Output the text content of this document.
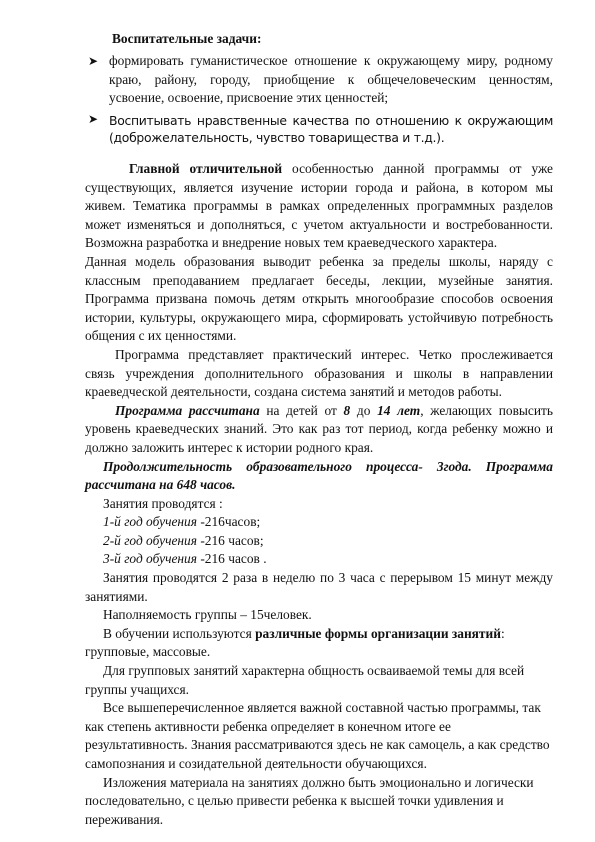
Воспитательные задачи:
➤ формировать гуманистическое отношение к окружающему миру, родному краю, району, городу, приобщение к общечеловеческим ценностям, усвоение, освоение, присвоение этих ценностей;
➤ Воспитывать нравственные качества по отношению к окружающим (доброжелательность, чувство товарищества и т.д.).

Главной отличительной особенностью данной программы от уже существующих, является изучение истории города и района, в котором мы живем. Тематика программы в рамках определенных программных разделов может изменяться и дополняться, с учетом актуальности и востребованности. Возможна разработка и внедрение новых тем краеведческого характера.

Данная модель образования выводит ребенка за пределы школы, наряду с классным преподаванием предлагает беседы, лекции, музейные занятия. Программа призвана помочь детям открыть многообразие способов освоения истории, культуры, окружающего мира, сформировать устойчивую потребность общения с их ценностями.

Программа представляет практический интерес. Четко прослеживается связь учреждения дополнительного образования и школы в направлении краеведческой деятельности, создана система занятий и методов работы.

Программа рассчитана на детей от 8 до 14 лет, желающих повысить уровень краеведческих знаний. Это как раз тот период, когда ребенку можно и должно заложить интерес к истории родного края.

Продолжительность образовательного процесса- 3года. Программа рассчитана на 648 часов.

Занятия проводятся :

1-й год обучения -216часов;

2-й год обучения -216 часов;

3-й год обучения -216 часов .

Занятия проводятся 2 раза в неделю по 3 часа с перерывом 15 минут между занятиями.

Наполняемость группы – 15человек.

В обучении используются различные формы организации занятий: групповые, массовые.

Для групповых занятий характерна общность осваиваемой темы для всей группы учащихся.

Все вышеперечисленное является важной составной частью программы, так как степень активности ребенка определяет в конечном итоге ее результативность. Знания рассматриваются здесь не как самоцель, а как средство самопознания и созидательной деятельности обучающихся.

Изложения материала на занятиях должно быть эмоционально и логически последовательно, с целью привести ребенка к высшей точки удивления и переживания.
